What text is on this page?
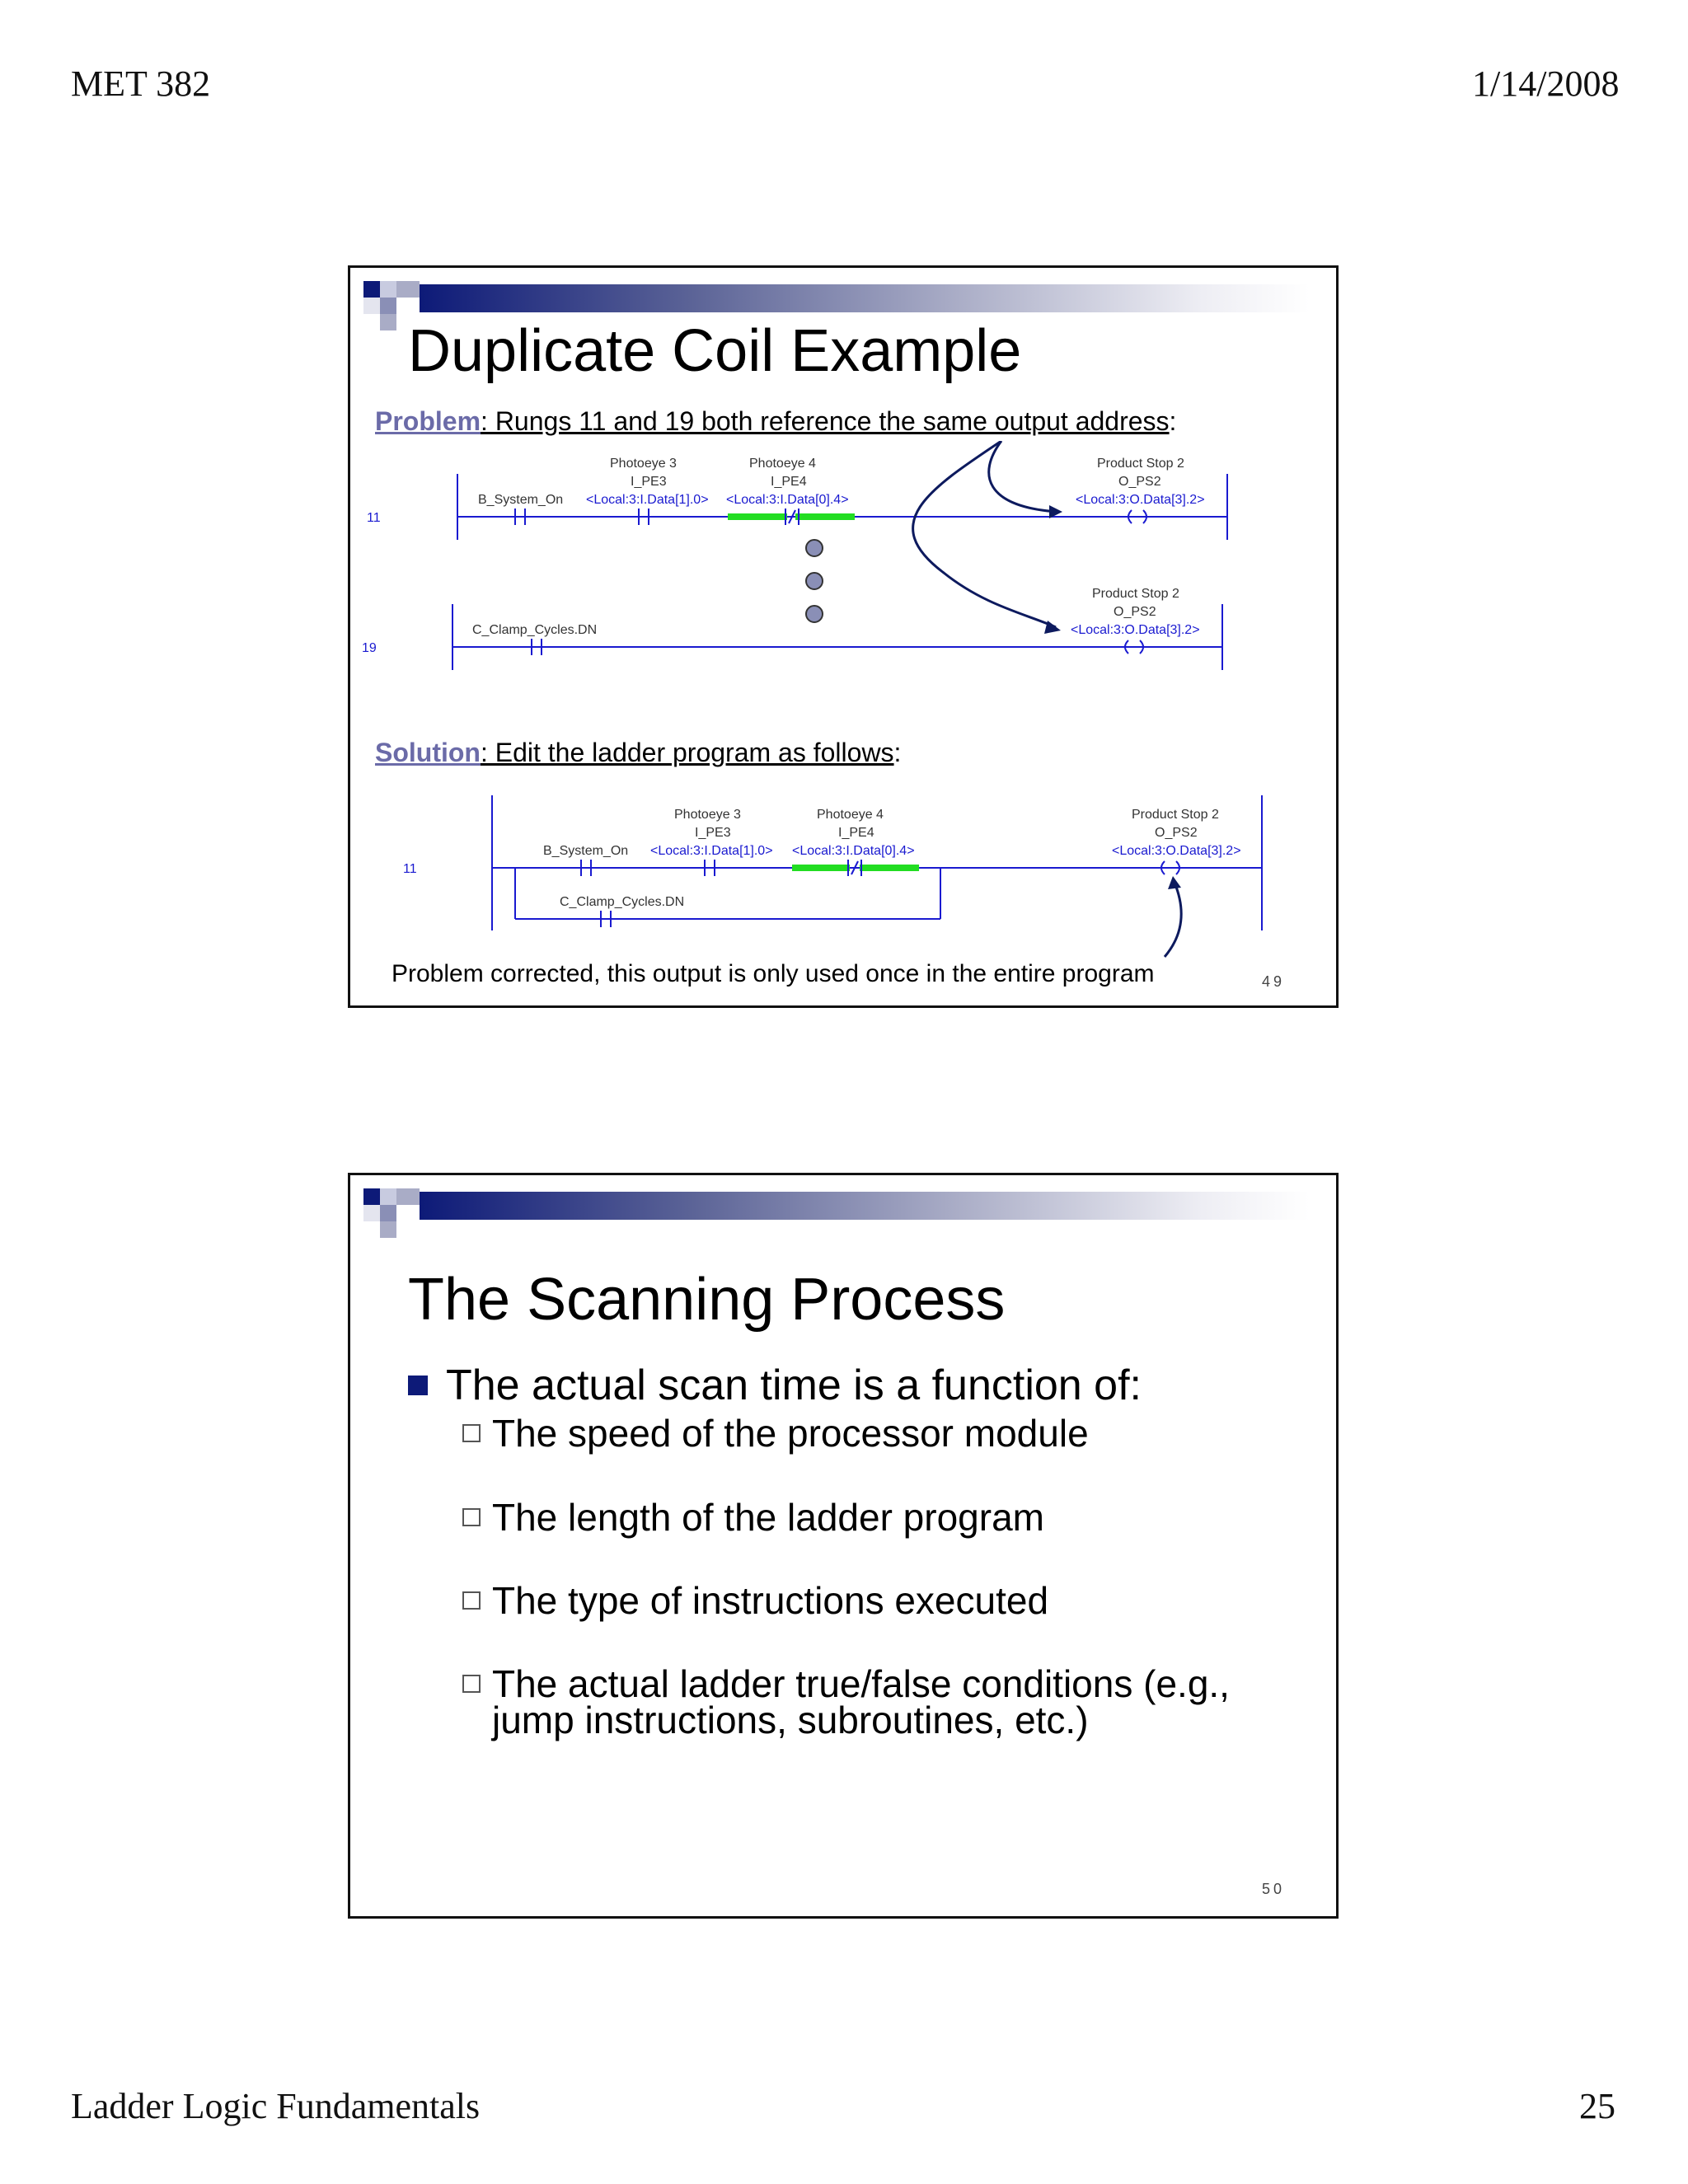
MET 382	1/14/2008
Duplicate Coil Example
Problem: Rungs 11 and 19 both reference the same output address:
11
B_System_On
Photoeye 3
I_PE3
<Local:3:I.Data[1].0>
Photoeye 4
I_PE4
<Local:3:I.Data[0].4>
Product Stop 2
O_PS2
<Local:3:O.Data[3].2>
19
C_Clamp_Cycles.DN
Product Stop 2
O_PS2
<Local:3:O.Data[3].2>
Solution: Edit the ladder program as follows:
11
B_System_On
Photoeye 3
I_PE3
<Local:3:I.Data[1].0>
Photoeye 4
I_PE4
<Local:3:I.Data[0].4>
C_Clamp_Cycles.DN
Product Stop 2
O_PS2
<Local:3:O.Data[3].2>
Problem corrected, this output is only used once in the entire program	49
The Scanning Process
The actual scan time is a function of:
The speed of the processor module
The length of the ladder program
The type of instructions executed
The actual ladder true/false conditions (e.g.,
jump instructions, subroutines, etc.)
50
Ladder Logic Fundamentals	25
